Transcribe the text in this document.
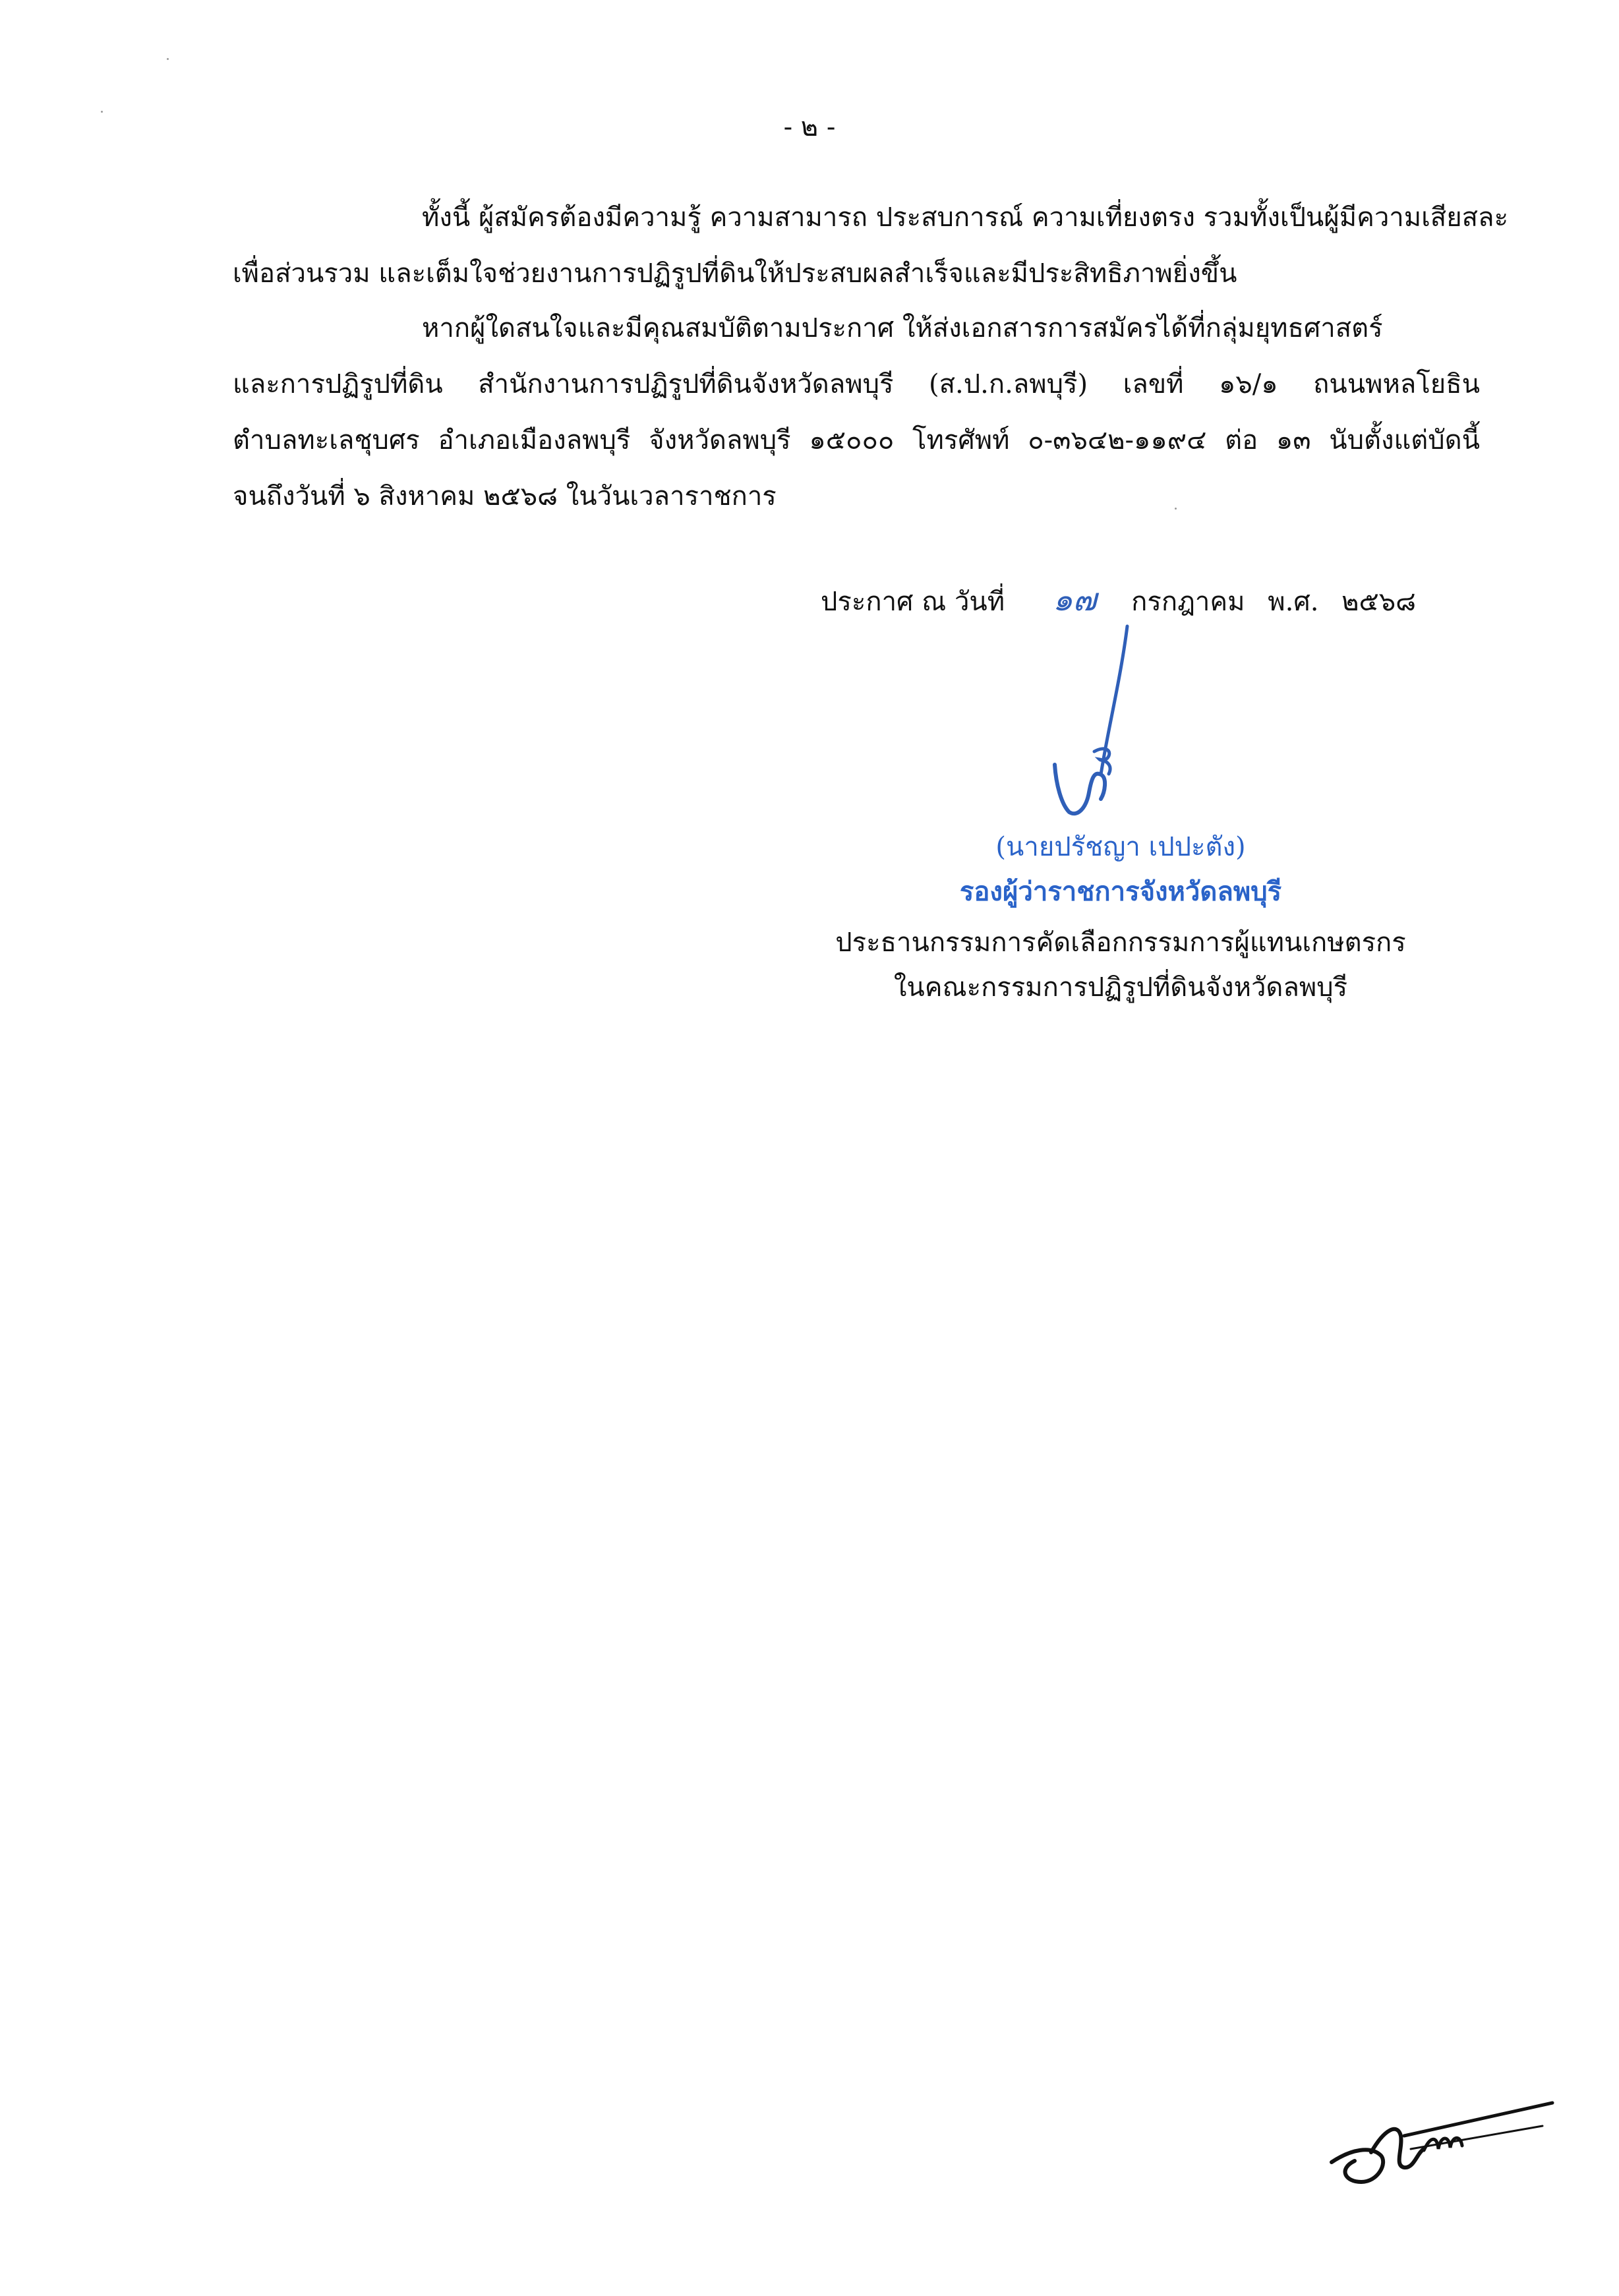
- ๒ -
ทั้งนี้ ผู้สมัครต้องมีความรู้ ความสามารถ ประสบการณ์ ความเที่ยงตรง รวมทั้งเป็นผู้มีความเสียสละ
เพื่อส่วนรวม และเต็มใจช่วยงานการปฏิรูปที่ดินให้ประสบผลสำเร็จและมีประสิทธิภาพยิ่งขึ้น
หากผู้ใดสนใจและมีคุณสมบัติตามประกาศ ให้ส่งเอกสารการสมัครได้ที่กลุ่มยุทธศาสตร์
และการปฏิรูปที่ดิน สำนักงานการปฏิรูปที่ดินจังหวัดลพบุรี (ส.ป.ก.ลพบุรี) เลขที่ ๑๖/๑ ถนนพหลโยธิน
ตำบลทะเลชุบศร อำเภอเมืองลพบุรี จังหวัดลพบุรี ๑๕๐๐๐ โทรศัพท์ ๐-๓๖๔๒-๑๑๙๔ ต่อ ๑๓ นับตั้งแต่บัดนี้
จนถึงวันที่ ๖ สิงหาคม ๒๕๖๘ ในวันเวลาราชการ
ประกาศ ณ วันที่ ๑๗ กรกฎาคม พ.ศ. ๒๕๖๘
(นายปรัชญา เปปะตัง)
รองผู้ว่าราชการจังหวัดลพบุรี
ประธานกรรมการคัดเลือกกรรมการผู้แทนเกษตรกร
ในคณะกรรมการปฏิรูปที่ดินจังหวัดลพบุรี
